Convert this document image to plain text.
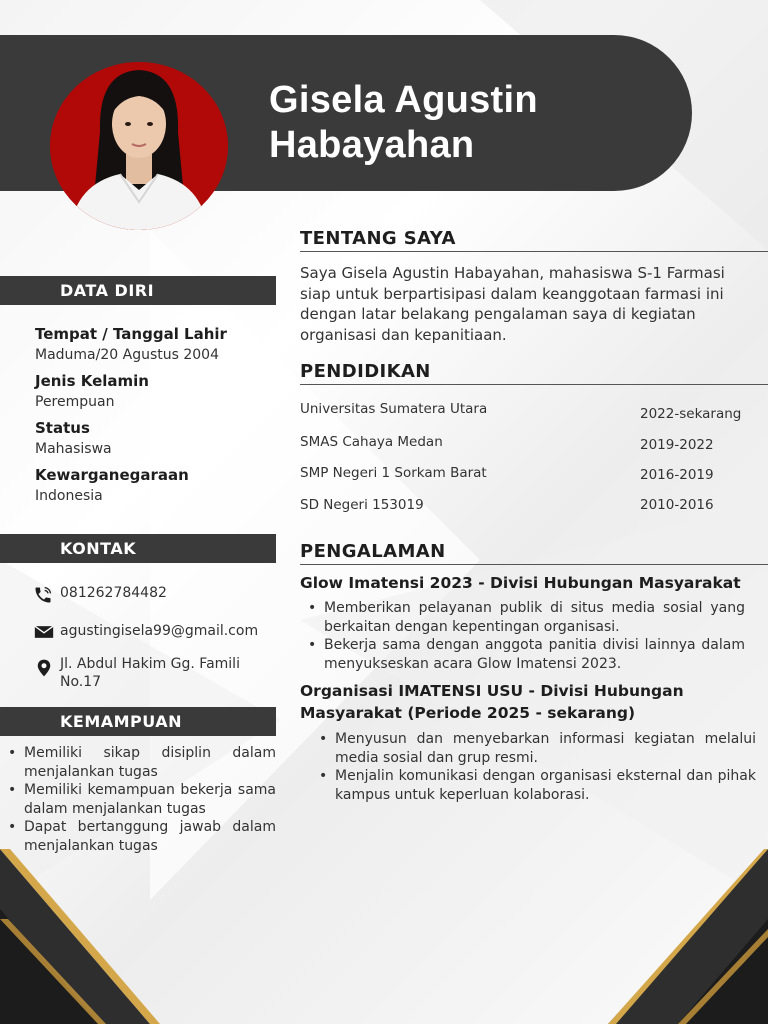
Gisela Agustin Habayahan
DATA DIRI
Tempat / Tanggal Lahir
Maduma/20 Agustus 2004
Jenis Kelamin
Perempuan
Status
Mahasiswa
Kewarganegaraan
Indonesia
KONTAK
081262784482
agustingisela99@gmail.com
Jl. Abdul Hakim Gg. Famili No.17
KEMAMPUAN
• Memiliki sikap disiplin dalam menjalankan tugas
• Memiliki kemampuan bekerja sama dalam menjalankan tugas
• Dapat bertanggung jawab dalam menjalankan tugas
TENTANG SAYA
Saya Gisela Agustin Habayahan, mahasiswa S-1 Farmasi siap untuk berpartisipasi dalam keanggotaan farmasi ini dengan latar belakang pengalaman saya di kegiatan organisasi dan kepanitiaan.
PENDIDIKAN
Universitas Sumatera Utara	2022-sekarang
SMAS Cahaya Medan	2019-2022
SMP Negeri 1 Sorkam Barat	2016-2019
SD Negeri 153019	2010-2016
PENGALAMAN
Glow Imatensi 2023 - Divisi Hubungan Masyarakat
• Memberikan pelayanan publik di situs media sosial yang berkaitan dengan kepentingan organisasi.
• Bekerja sama dengan anggota panitia divisi lainnya dalam menyukseskan acara Glow Imatensi 2023.
Organisasi IMATENSI USU - Divisi Hubungan Masyarakat (Periode 2025 - sekarang)
• Menyusun dan menyebarkan informasi kegiatan melalui media sosial dan grup resmi.
• Menjalin komunikasi dengan organisasi eksternal dan pihak kampus untuk keperluan kolaborasi.
